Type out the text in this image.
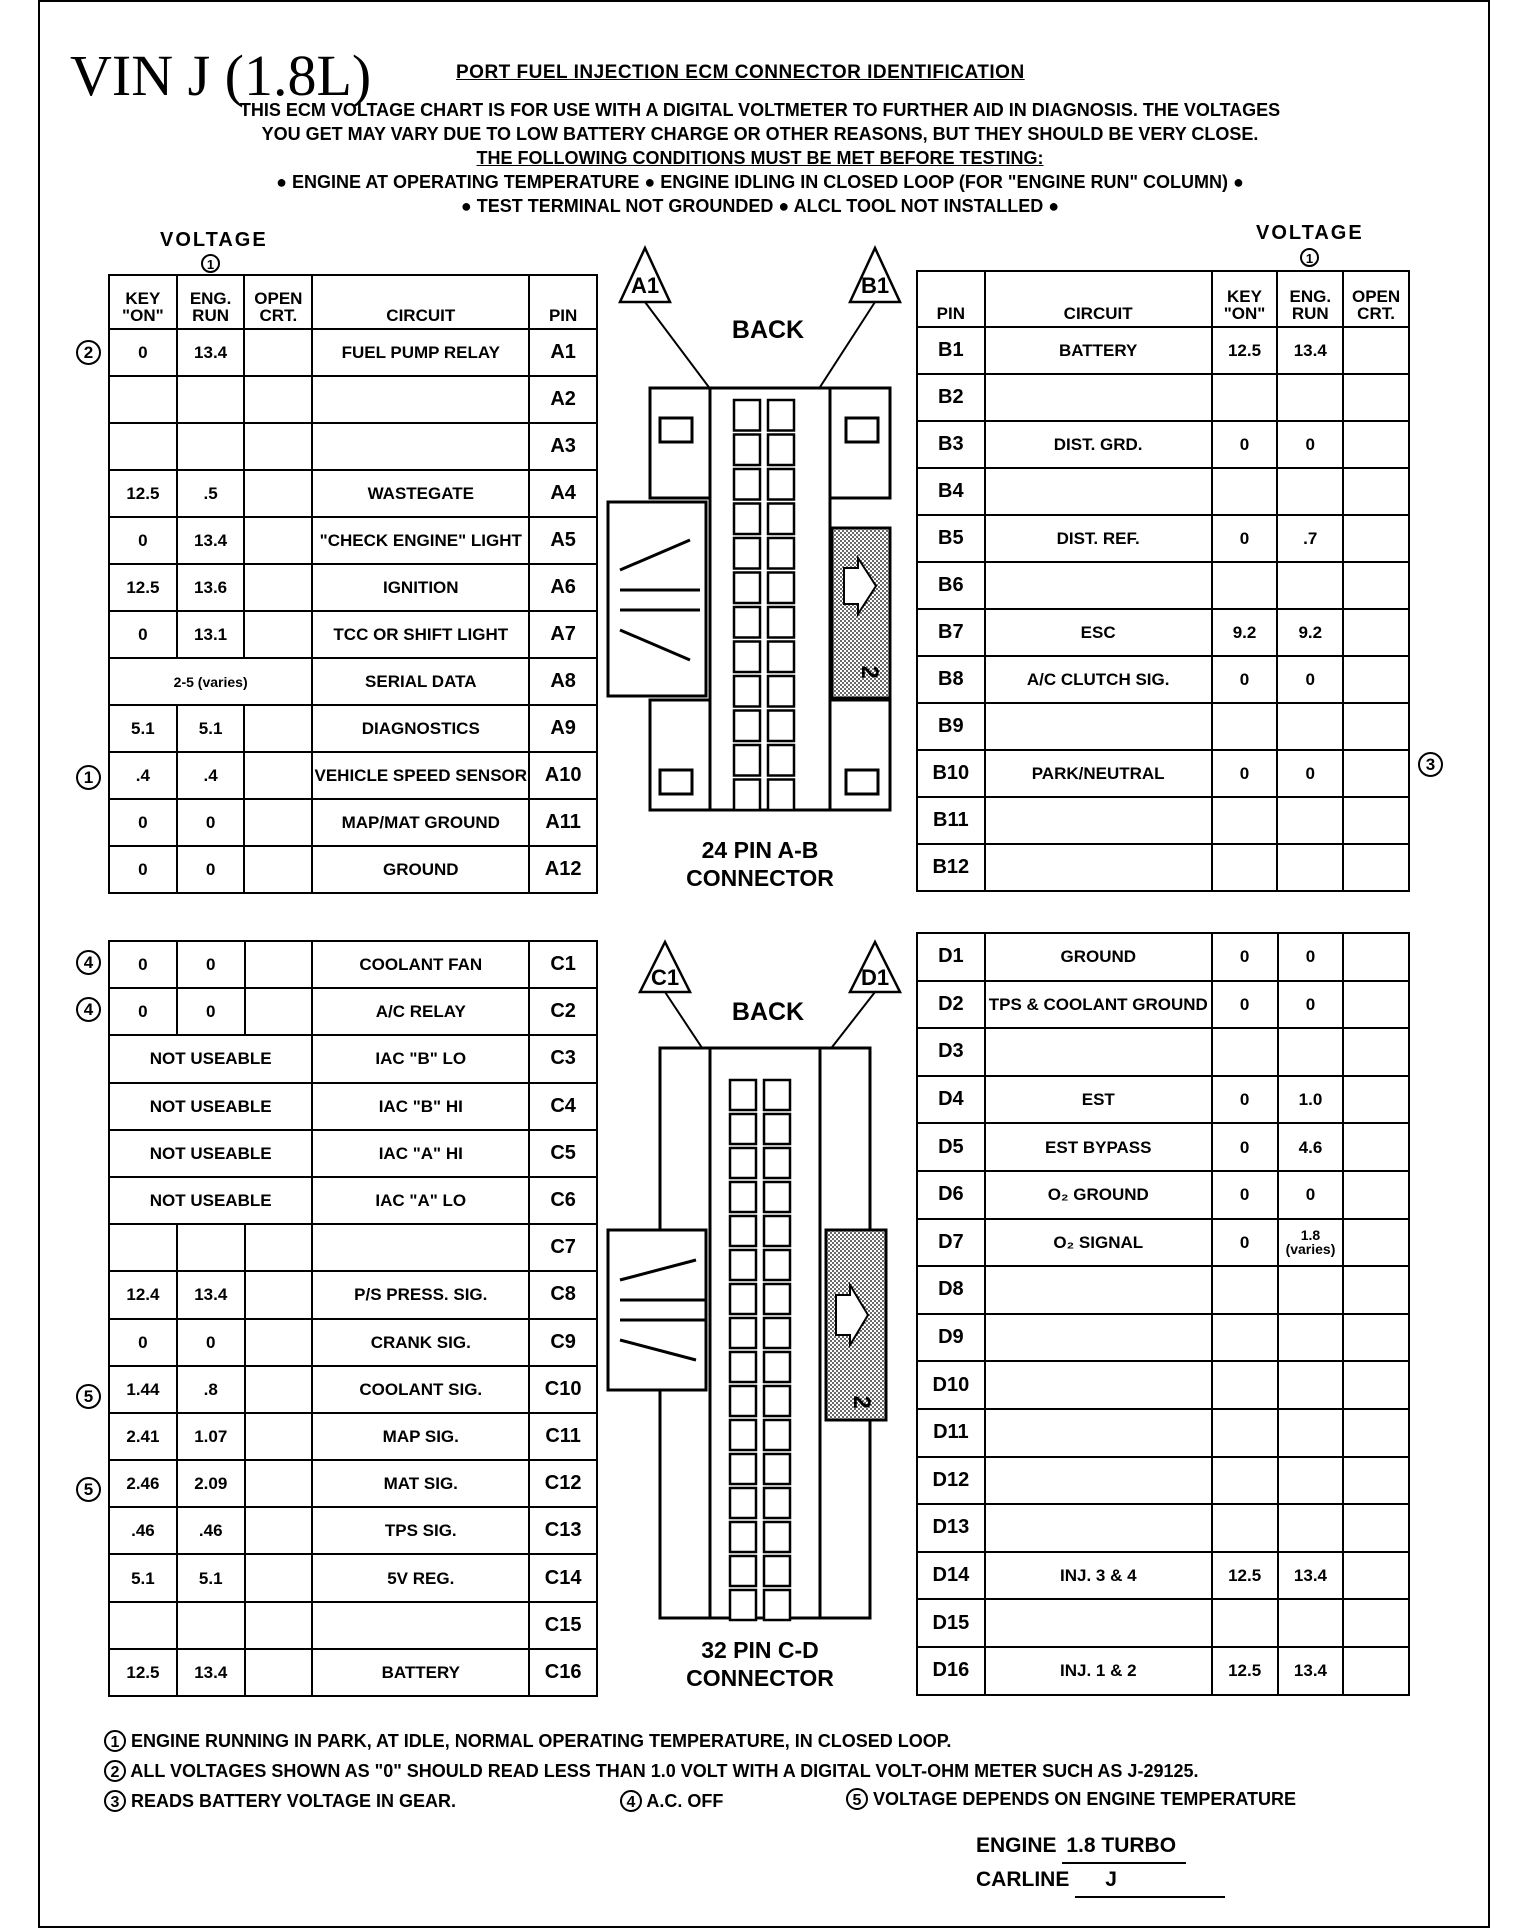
VIN J (1.8L)	PORT FUEL INJECTION ECM CONNECTOR IDENTIFICATION
THIS ECM VOLTAGE CHART IS FOR USE WITH A DIGITAL VOLTMETER TO FURTHER AID IN DIAGNOSIS. THE VOLTAGES
YOU GET MAY VARY DUE TO LOW BATTERY CHARGE OR OTHER REASONS, BUT THEY SHOULD BE VERY CLOSE.
THE FOLLOWING CONDITIONS MUST BE MET BEFORE TESTING:
● ENGINE AT OPERATING TEMPERATURE ● ENGINE IDLING IN CLOSED LOOP (FOR "ENGINE RUN" COLUMN) ●
● TEST TERMINAL NOT GROUNDED ● ALCL TOOL NOT INSTALLED ●
VOLTAGE
1
VOLTAGE
1
KEY "ON"	ENG. RUN	OPEN CRT.	CIRCUIT	PIN
0	13.4		FUEL PUMP RELAY	A1
				A2
				A3
12.5	.5		WASTEGATE	A4
0	13.4		"CHECK ENGINE" LIGHT	A5
12.5	13.6		IGNITION	A6
0	13.1		TCC OR SHIFT LIGHT	A7
2-5 (varies)			SERIAL DATA	A8
5.1	5.1		DIAGNOSTICS	A9
.4	.4		VEHICLE SPEED SENSOR	A10
0	0		MAP/MAT GROUND	A11
0	0		GROUND	A12
PIN	CIRCUIT	KEY "ON"	ENG. RUN	OPEN CRT.
B1	BATTERY	12.5	13.4	
B2				
B3	DIST. GRD.	0	0	
B4				
B5	DIST. REF.	0	.7	
B6				
B7	ESC	9.2	9.2	
B8	A/C CLUTCH SIG.	0	0	
B9				
B10	PARK/NEUTRAL	0	0	
B11				
B12				
0	0		COOLANT FAN	C1
0	0		A/C RELAY	C2
NOT USEABLE			IAC "B" LO	C3
NOT USEABLE			IAC "B" HI	C4
NOT USEABLE			IAC "A" HI	C5
NOT USEABLE			IAC "A" LO	C6
				C7
12.4	13.4		P/S PRESS. SIG.	C8
0	0		CRANK SIG.	C9
1.44	.8		COOLANT SIG.	C10
2.41	1.07		MAP SIG.	C11
2.46	2.09		MAT SIG.	C12
.46	.46		TPS SIG.	C13
5.1	5.1		5V REG.	C14
				C15
12.5	13.4		BATTERY	C16
D1	GROUND	0	0	
D2	TPS & COOLANT GROUND	0	0	
D3				
D4	EST	0	1.0	
D5	EST BYPASS	0	4.6	
D6	O₂ GROUND	0	0	
D7	O₂ SIGNAL	0	1.8 (varies)	
D8				
D9				
D10				
D11				
D12				
D13				
D14	INJ. 3 & 4	12.5	13.4	
D15				
D16	INJ. 1 & 2	12.5	13.4	
A1	B1
BACK
2
24 PIN A-B
CONNECTOR
C1	D1
BACK
2
32 PIN C-D
CONNECTOR
1 ENGINE RUNNING IN PARK, AT IDLE, NORMAL OPERATING TEMPERATURE, IN CLOSED LOOP.
2 ALL VOLTAGES SHOWN AS "0" SHOULD READ LESS THAN 1.0 VOLT WITH A DIGITAL VOLT-OHM METER SUCH AS J-29125.
3 READS BATTERY VOLTAGE IN GEAR.	4 A.C. OFF	5 VOLTAGE DEPENDS ON ENGINE TEMPERATURE
ENGINE 1.8 TURBO
CARLINE J
2
1
3
4
4
5
5
